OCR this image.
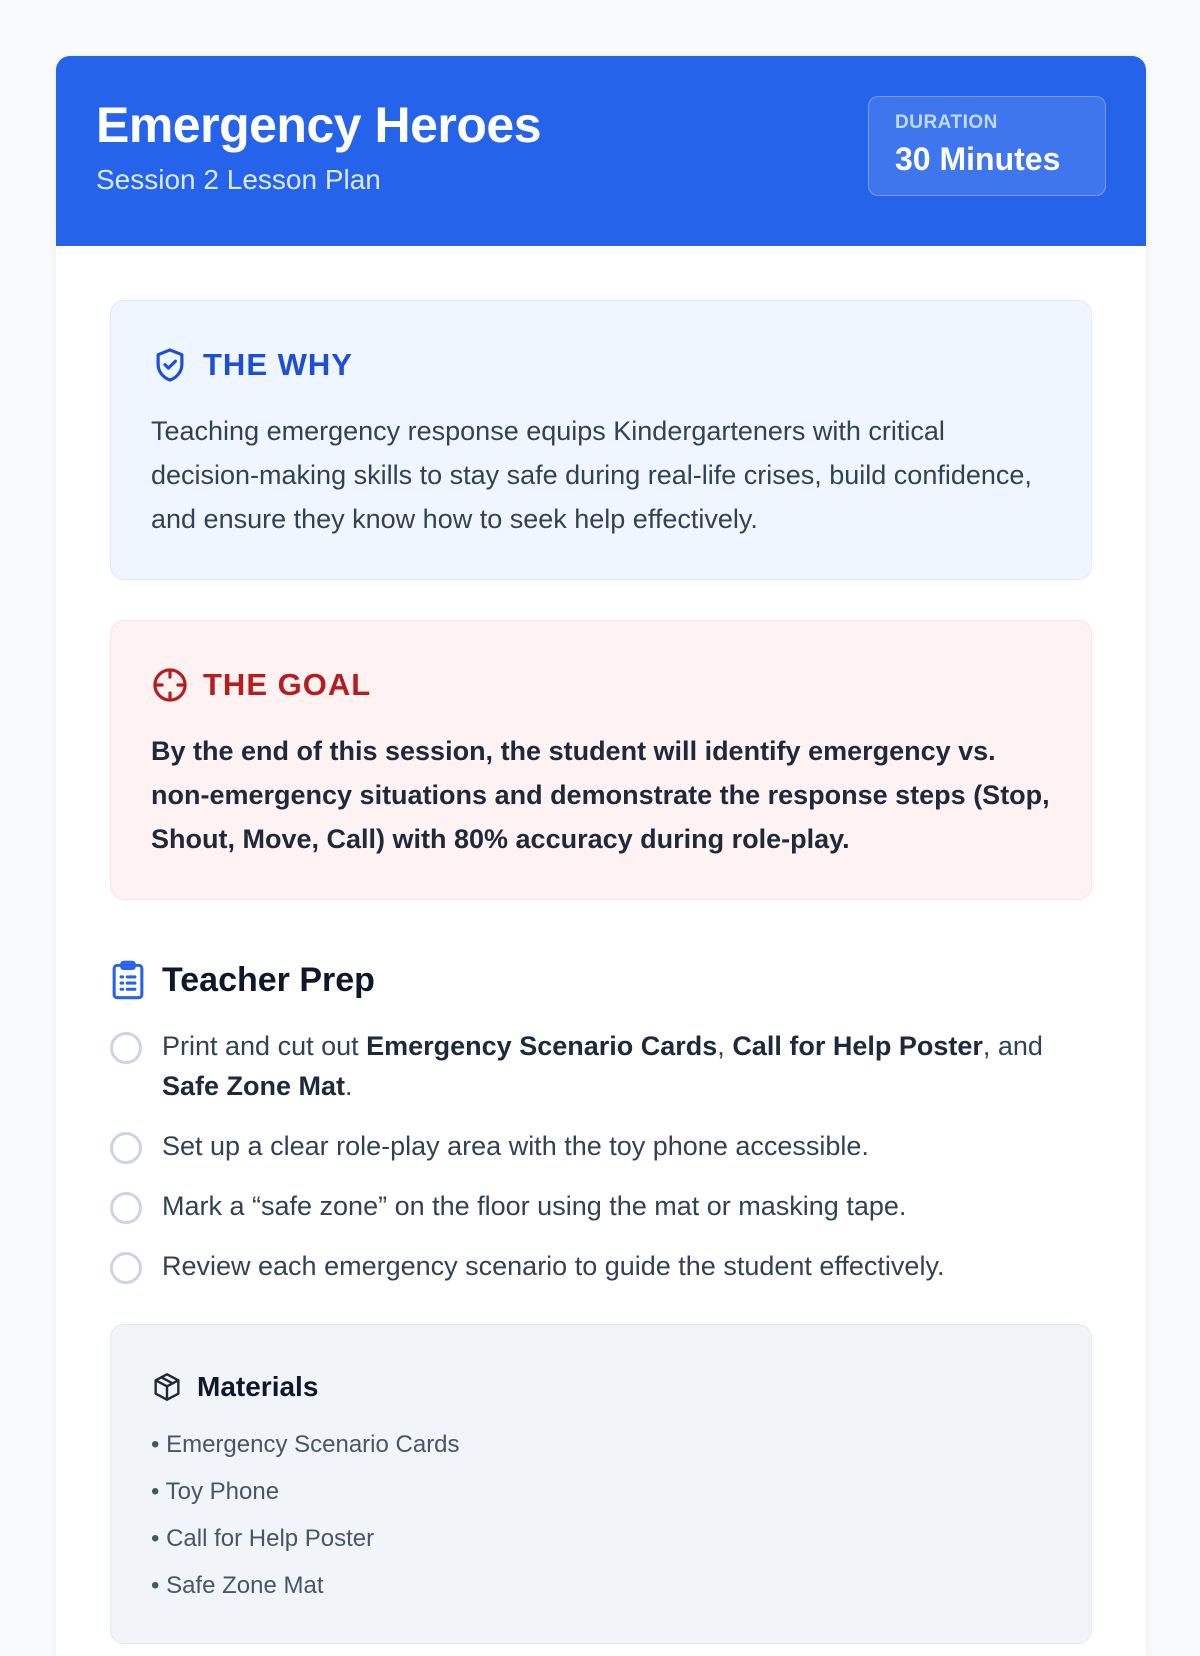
Emergency Heroes
Session 2 Lesson Plan
DURATION
30 Minutes
THE WHY

Teaching emergency response equips Kindergarteners with critical decision-making skills to stay safe during real-life crises, build confidence, and ensure they know how to seek help effectively.

THE GOAL

By the end of this session, the student will identify emergency vs. non-emergency situations and demonstrate the response steps (Stop, Shout, Move, Call) with 80% accuracy during role-play.

Teacher Prep
Print and cut out Emergency Scenario Cards, Call for Help Poster, and Safe Zone Mat.
Set up a clear role-play area with the toy phone accessible.
Mark a “safe zone” on the floor using the mat or masking tape.
Review each emergency scenario to guide the student effectively.
Materials
• Emergency Scenario Cards
• Toy Phone
• Call for Help Poster
• Safe Zone Mat
